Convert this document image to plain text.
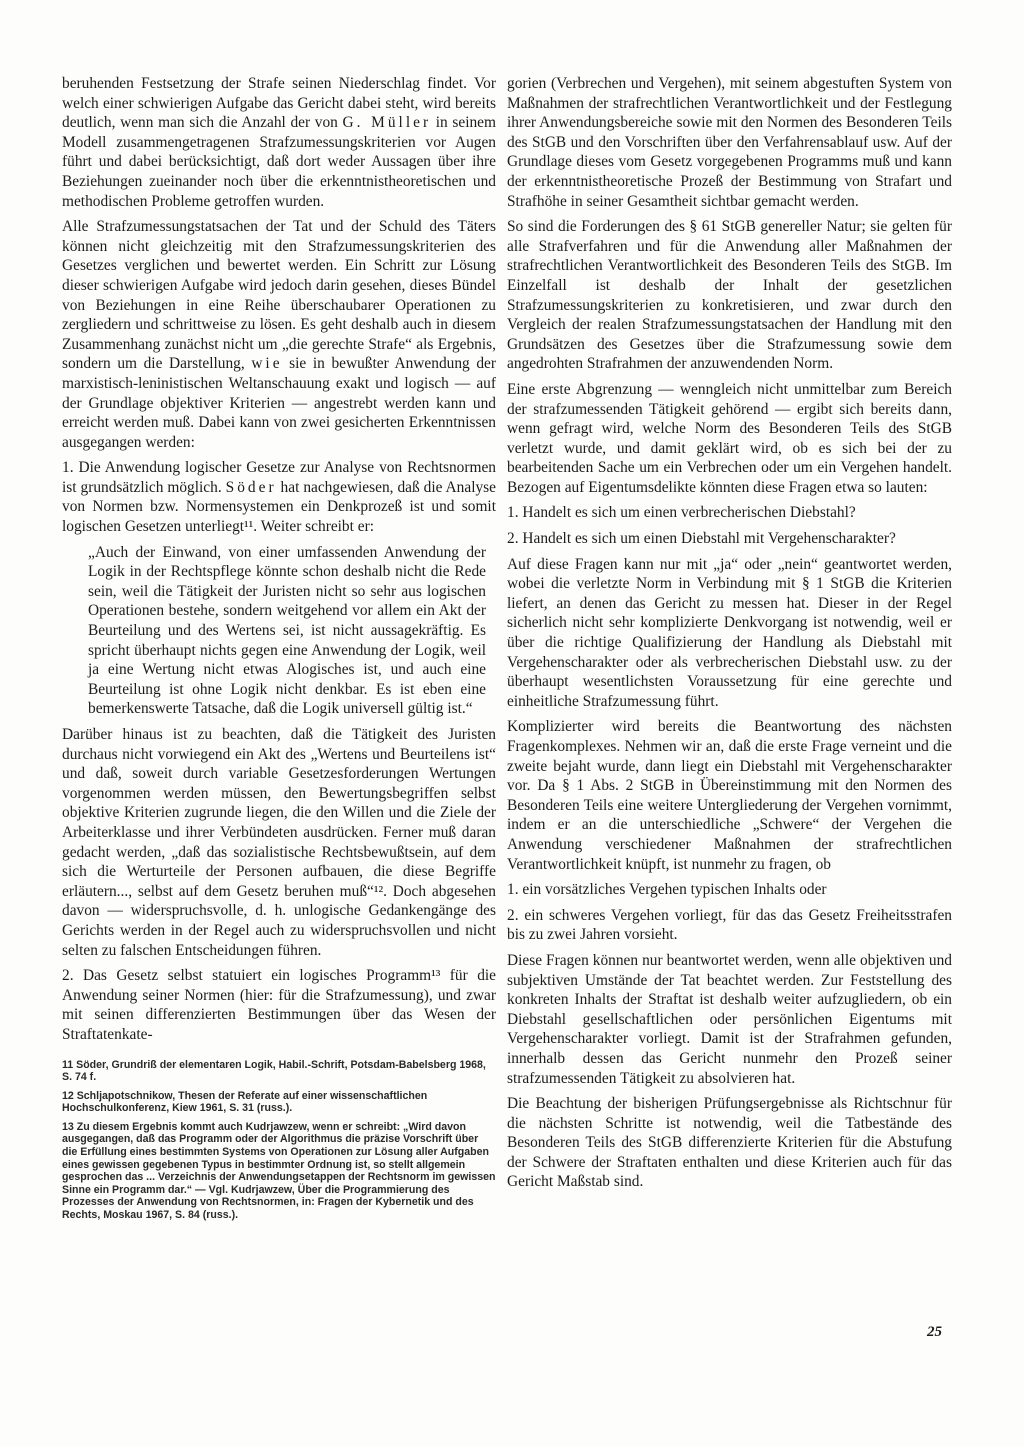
beruhenden Festsetzung der Strafe seinen Niederschlag findet. Vor welch einer schwierigen Aufgabe das Gericht dabei steht, wird bereits deutlich, wenn man sich die Anzahl der von G. Müller in seinem Modell zusammengetragenen Strafzumessungskriterien vor Augen führt und dabei berücksichtigt, daß dort weder Aussagen über ihre Beziehungen zueinander noch über die erkenntnistheoretischen und methodischen Probleme getroffen wurden.

Alle Strafzumessungstatsachen der Tat und der Schuld des Täters können nicht gleichzeitig mit den Strafzumessungskriterien des Gesetzes verglichen und bewertet werden. Ein Schritt zur Lösung dieser schwierigen Aufgabe wird jedoch darin gesehen, dieses Bündel von Beziehungen in eine Reihe überschaubarer Operationen zu zergliedern und schrittweise zu lösen. Es geht deshalb auch in diesem Zusammenhang zunächst nicht um „die gerechte Strafe“ als Ergebnis, sondern um die Darstellung, wie sie in bewußter Anwendung der marxistisch-leninistischen Weltanschauung exakt und logisch — auf der Grundlage objektiver Kriterien — angestrebt werden kann und erreicht werden muß. Dabei kann von zwei gesicherten Erkenntnissen ausgegangen werden:

1. Die Anwendung logischer Gesetze zur Analyse von Rechtsnormen ist grundsätzlich möglich. Söder hat nachgewiesen, daß die Analyse von Normen bzw. Normensystemen ein Denkprozeß ist und somit logischen Gesetzen unterliegt¹¹. Weiter schreibt er:

„Auch der Einwand, von einer umfassenden Anwendung der Logik in der Rechtspflege könnte schon deshalb nicht die Rede sein, weil die Tätigkeit der Juristen nicht so sehr aus logischen Operationen bestehe, sondern weitgehend vor allem ein Akt der Beurteilung und des Wertens sei, ist nicht aussagekräftig. Es spricht überhaupt nichts gegen eine Anwendung der Logik, weil ja eine Wertung nicht etwas Alogisches ist, und auch eine Beurteilung ist ohne Logik nicht denkbar. Es ist eben eine bemerkenswerte Tatsache, daß die Logik universell gültig ist.“

Darüber hinaus ist zu beachten, daß die Tätigkeit des Juristen durchaus nicht vorwiegend ein Akt des „Wertens und Beurteilens ist“ und daß, soweit durch variable Gesetzesforderungen Wertungen vorgenommen werden müssen, den Bewertungsbegriffen selbst objektive Kriterien zugrunde liegen, die den Willen und die Ziele der Arbeiterklasse und ihrer Verbündeten ausdrücken. Ferner muß daran gedacht werden, „daß das sozialistische Rechtsbewußtsein, auf dem sich die Werturteile der Personen aufbauen, die diese Begriffe erläutern..., selbst auf dem Gesetz beruhen muß“¹². Doch abgesehen davon — widerspruchsvolle, d. h. unlogische Gedankengänge des Gerichts werden in der Regel auch zu widerspruchsvollen und nicht selten zu falschen Entscheidungen führen.

2. Das Gesetz selbst statuiert ein logisches Programm¹³ für die Anwendung seiner Normen (hier: für die Strafzumessung), und zwar mit seinen differenzierten Bestimmungen über das Wesen der Straftatenkate-

11 Söder, Grundriß der elementaren Logik, Habil.-Schrift, Potsdam-Babelsberg 1968, S. 74 f.

12 Schljapotschnikow, Thesen der Referate auf einer wissenschaftlichen Hochschulkonferenz, Kiew 1961, S. 31 (russ.).

13 Zu diesem Ergebnis kommt auch Kudrjawzew, wenn er schreibt: „Wird davon ausgegangen, daß das Programm oder der Algorithmus die präzise Vorschrift über die Erfüllung eines bestimmten Systems von Operationen zur Lösung aller Aufgaben eines gewissen gegebenen Typus in bestimmter Ordnung ist, so stellt allgemein gesprochen das ... Verzeichnis der Anwendungsetappen der Rechtsnorm im gewissen Sinne ein Programm dar.“ — Vgl. Kudrjawzew, Über die Programmierung des Prozesses der Anwendung von Rechtsnormen, in: Fragen der Kybernetik und des Rechts, Moskau 1967, S. 84 (russ.).

gorien (Verbrechen und Vergehen), mit seinem abgestuften System von Maßnahmen der strafrechtlichen Verantwortlichkeit und der Festlegung ihrer Anwendungsbereiche sowie mit den Normen des Besonderen Teils des StGB und den Vorschriften über den Verfahrensablauf usw. Auf der Grundlage dieses vom Gesetz vorgegebenen Programms muß und kann der erkenntnistheoretische Prozeß der Bestimmung von Strafart und Strafhöhe in seiner Gesamtheit sichtbar gemacht werden.

So sind die Forderungen des § 61 StGB genereller Natur; sie gelten für alle Strafverfahren und für die Anwendung aller Maßnahmen der strafrechtlichen Verantwortlichkeit des Besonderen Teils des StGB. Im Einzelfall ist deshalb der Inhalt der gesetzlichen Strafzumessungskriterien zu konkretisieren, und zwar durch den Vergleich der realen Strafzumessungstatsachen der Handlung mit den Grundsätzen des Gesetzes über die Strafzumessung sowie dem angedrohten Strafrahmen der anzuwendenden Norm.

Eine erste Abgrenzung — wenngleich nicht unmittelbar zum Bereich der strafzumessenden Tätigkeit gehörend — ergibt sich bereits dann, wenn gefragt wird, welche Norm des Besonderen Teils des StGB verletzt wurde, und damit geklärt wird, ob es sich bei der zu bearbeitenden Sache um ein Verbrechen oder um ein Vergehen handelt. Bezogen auf Eigentumsdelikte könnten diese Fragen etwa so lauten:

1. Handelt es sich um einen verbrecherischen Diebstahl?

2. Handelt es sich um einen Diebstahl mit Vergehenscharakter?

Auf diese Fragen kann nur mit „ja“ oder „nein“ geantwortet werden, wobei die verletzte Norm in Verbindung mit § 1 StGB die Kriterien liefert, an denen das Gericht zu messen hat. Dieser in der Regel sicherlich nicht sehr komplizierte Denkvorgang ist notwendig, weil er über die richtige Qualifizierung der Handlung als Diebstahl mit Vergehenscharakter oder als verbrecherischen Diebstahl usw. zu der überhaupt wesentlichsten Voraussetzung für eine gerechte und einheitliche Strafzumessung führt.

Komplizierter wird bereits die Beantwortung des nächsten Fragenkomplexes. Nehmen wir an, daß die erste Frage verneint und die zweite bejaht wurde, dann liegt ein Diebstahl mit Vergehenscharakter vor. Da § 1 Abs. 2 StGB in Übereinstimmung mit den Normen des Besonderen Teils eine weitere Untergliederung der Vergehen vornimmt, indem er an die unterschiedliche „Schwere“ der Vergehen die Anwendung verschiedener Maßnahmen der strafrechtlichen Verantwortlichkeit knüpft, ist nunmehr zu fragen, ob

1. ein vorsätzliches Vergehen typischen Inhalts oder

2. ein schweres Vergehen vorliegt, für das das Gesetz Freiheitsstrafen bis zu zwei Jahren vorsieht.

Diese Fragen können nur beantwortet werden, wenn alle objektiven und subjektiven Umstände der Tat beachtet werden. Zur Feststellung des konkreten Inhalts der Straftat ist deshalb weiter aufzugliedern, ob ein Diebstahl gesellschaftlichen oder persönlichen Eigentums mit Vergehenscharakter vorliegt. Damit ist der Strafrahmen gefunden, innerhalb dessen das Gericht nunmehr den Prozeß seiner strafzumessenden Tätigkeit zu absolvieren hat.

Die Beachtung der bisherigen Prüfungsergebnisse als Richtschnur für die nächsten Schritte ist notwendig, weil die Tatbestände des Besonderen Teils des StGB differenzierte Kriterien für die Abstufung der Schwere der Straftaten enthalten und diese Kriterien auch für das Gericht Maßstab sind.

25
